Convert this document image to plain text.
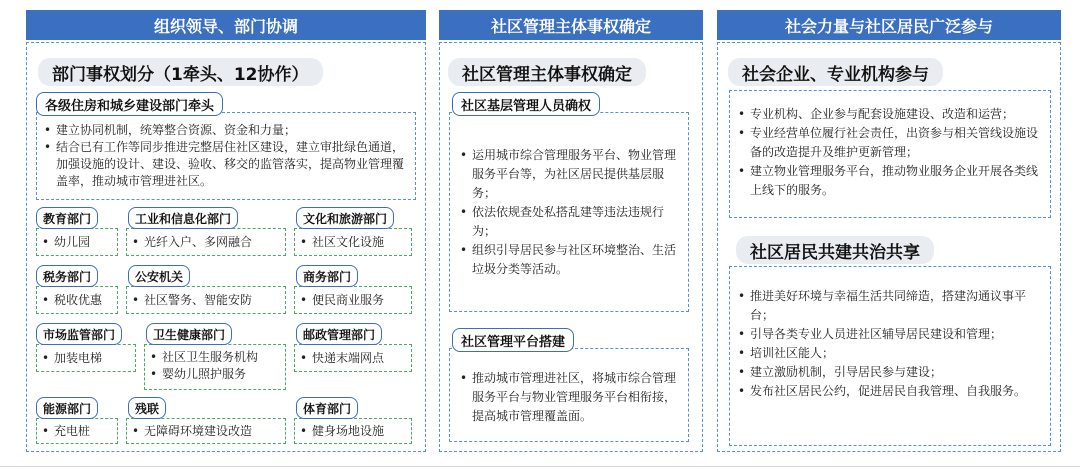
组织领导、部门协调
部门事权划分（1牵头、12协作）
各级住房和城乡建设部门牵头
• 建立协同机制，统筹整合资源、资金和力量；
• 结合已有工作等同步推进完整居住社区建设，建立审批绿色通道，加强设施的设计、建设、验收、移交的监管落实，提高物业管理覆盖率，推动城市管理进社区。
教育部门
• 幼儿园
工业和信息化部门
• 光纤入户、多网融合
文化和旅游部门
• 社区文化设施
税务部门
• 税收优惠
公安机关
• 社区警务、智能安防
商务部门
• 便民商业服务
市场监管部门
• 加装电梯
卫生健康部门
• 社区卫生服务机构
• 婴幼儿照护服务
邮政管理部门
• 快递末端网点
能源部门
• 充电桩
残联
• 无障碍环境建设改造
体育部门
• 健身场地设施
社区管理主体事权确定
社区管理主体事权确定
社区基层管理人员确权
• 运用城市综合管理服务平台、物业管理服务平台等，为社区居民提供基层服务；
• 依法依规查处私搭乱建等违法违规行为；
• 组织引导居民参与社区环境整治、生活垃圾分类等活动。
社区管理平台搭建
• 推动城市管理进社区，将城市综合管理服务平台与物业管理服务平台相衔接，提高城市管理覆盖面。
社会力量与社区居民广泛参与
社会企业、专业机构参与
• 专业机构、企业参与配套设施建设、改造和运营；
• 专业经营单位履行社会责任，出资参与相关管线设施设备的改造提升及维护更新管理；
• 建立物业管理服务平台，推动物业服务企业开展各类线上线下的服务。
社区居民共建共治共享
• 推进美好环境与幸福生活共同缔造，搭建沟通议事平台；
• 引导各类专业人员进社区辅导居民建设和管理；
• 培训社区能人；
• 建立激励机制，引导居民参与建设；
• 发布社区居民公约，促进居民自我管理、自我服务。
